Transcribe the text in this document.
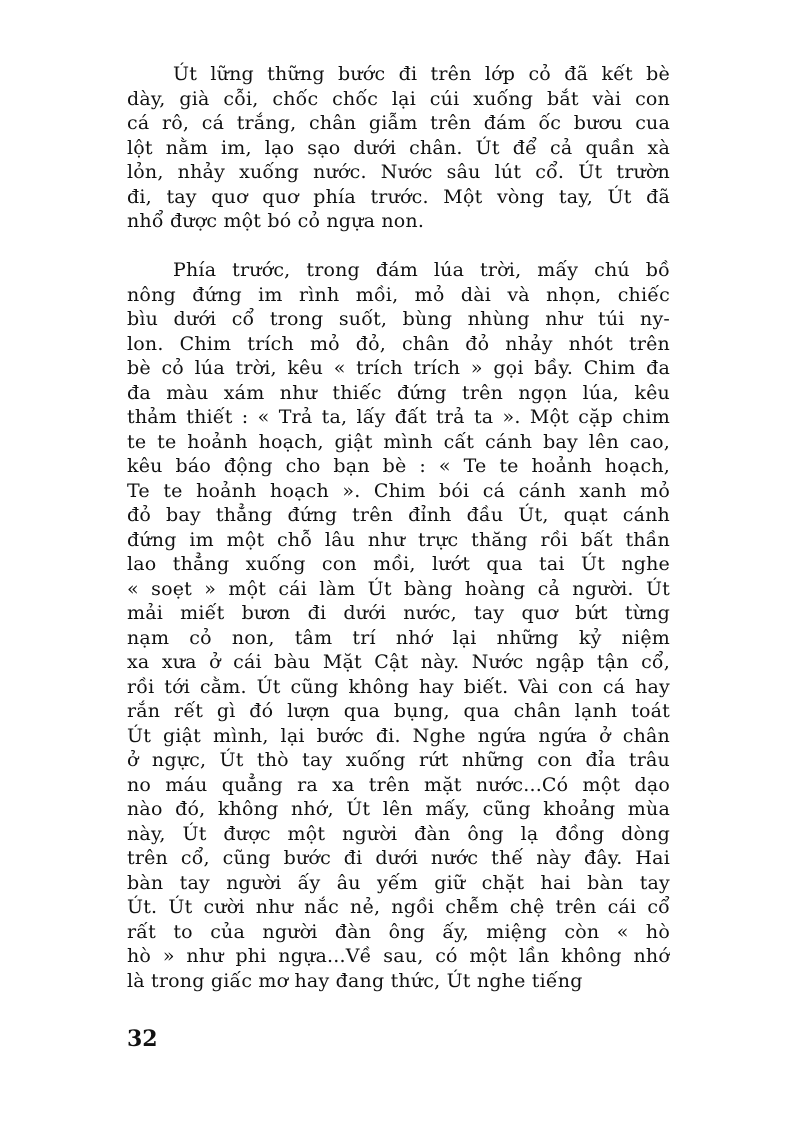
Út lững thững bước đi trên lớp cỏ đã kết bè
dày, già cỗi, chốc chốc lại cúi xuống bắt vài con
cá rô, cá trắng, chân giẫm trên đám ốc bươu cua
lột nằm im, lạo sạo dưới chân. Út để cả quần xà
lỏn, nhảy xuống nước. Nước sâu lút cổ. Út trườn
đi, tay quơ quơ phía trước. Một vòng tay, Út đã
nhổ được một bó cỏ ngựa non.
Phía trước, trong đám lúa trời, mấy chú bồ
nông đứng im rình mồi, mỏ dài và nhọn, chiếc
bìu dưới cổ trong suốt, bùng nhùng như túi ny-
lon. Chim trích mỏ đỏ, chân đỏ nhảy nhót trên
bè cỏ lúa trời, kêu « trích trích » gọi bầy. Chim đa
đa màu xám như thiếc đứng trên ngọn lúa, kêu
thảm thiết : « Trả ta, lấy đất trả ta ». Một cặp chim
te te hoảnh hoạch, giật mình cất cánh bay lên cao,
kêu báo động cho bạn bè : « Te te hoảnh hoạch,
Te te hoảnh hoạch ». Chim bói cá cánh xanh mỏ
đỏ bay thẳng đứng trên đỉnh đầu Út, quạt cánh
đứng im một chỗ lâu như trực thăng rồi bất thần
lao thẳng xuống con mồi, lướt qua tai Út nghe
« soẹt » một cái làm Út bàng hoàng cả người. Út
mải miết bươn đi dưới nước, tay quơ bứt từng
nạm cỏ non, tâm trí nhớ lại những kỷ niệm
xa xưa ở cái bàu Mặt Cật này. Nước ngập tận cổ,
rồi tới cằm. Út cũng không hay biết. Vài con cá hay
rắn rết gì đó lượn qua bụng, qua chân lạnh toát
Út giật mình, lại bước đi. Nghe ngứa ngứa ở chân
ở ngực, Út thò tay xuống rứt những con đỉa trâu
no máu quẳng ra xa trên mặt nước...Có một dạo
nào đó, không nhớ, Út lên mấy, cũng khoảng mùa
này, Út được một người đàn ông lạ đồng dòng
trên cổ, cũng bước đi dưới nước thế này đây. Hai
bàn tay người ấy âu yếm giữ chặt hai bàn tay
Út. Út cười như nắc nẻ, ngồi chễm chệ trên cái cổ
rất to của người đàn ông ấy, miệng còn « hò
hò » như phi ngựa...Về sau, có một lần không nhớ
là trong giấc mơ hay đang thức, Út nghe tiếng
32
